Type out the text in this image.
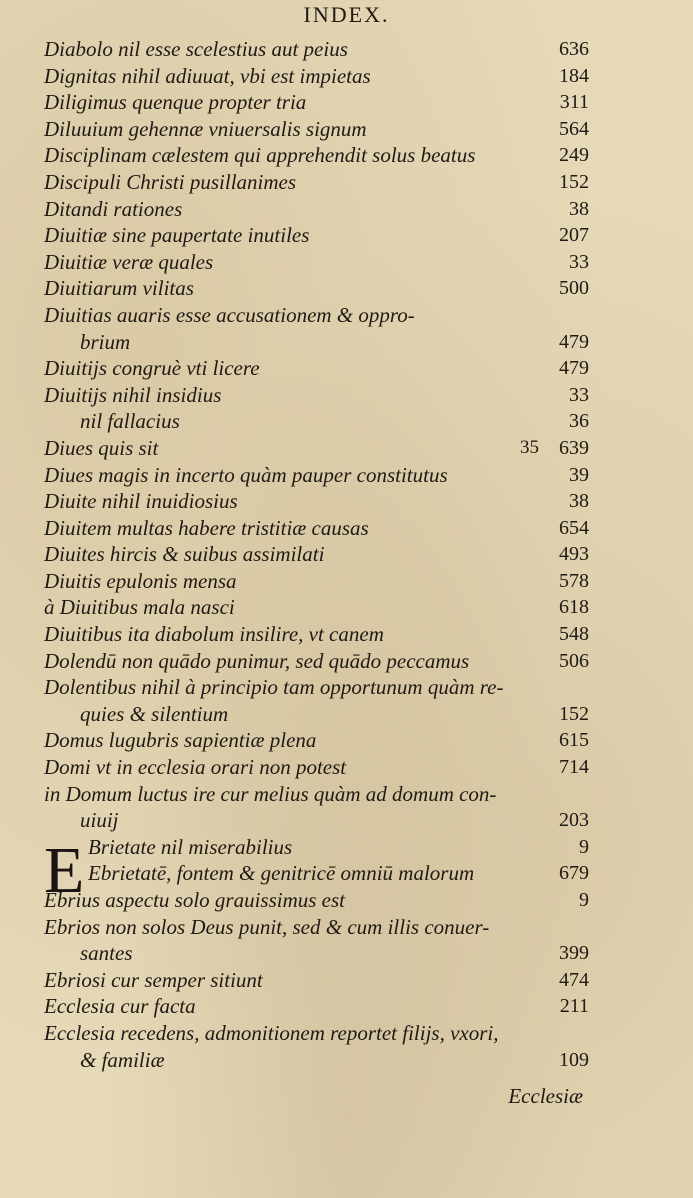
INDEX.
Diabolo nil esse scelestius aut peius	636
Dignitas nihil adiuuat, vbi est impietas	184
Diligimus quenque propter tria	311
Diluuium gehennæ vniuersalis signum	564
Disciplinam cælestem qui apprehendit solus beatus	249
Discipuli Christi pusillanimes	152
Ditandi rationes	38
Diuitiæ sine paupertate inutiles	207
Diuitiæ veræ quales	33
Diuitiarum vilitas	500
Diuitias auaris esse accusationem & oppro-
brium	479
Diuitijs congruè vti licere	479
Diuitijs nihil insidius	33
nil fallacius	36
Diues quis sit	35 639
Diues magis in incerto quàm pauper constitutus	39
Diuite nihil inuidiosius	38
Diuitem multas habere tristitiæ causas	654
Diuites hircis & suibus assimilati	493
Diuitis epulonis mensa	578
à Diuitibus mala nasci	618
Diuitibus ita diabolum insilire, vt canem	548
Dolendū non quādo punimur, sed quādo peccamus	506
Dolentibus nihil à principio tam opportunum quàm re-
quies & silentium	152
Domus lugubris sapientiæ plena	615
Domi vt in ecclesia orari non potest	714
in Domum luctus ire cur melius quàm ad domum con-
uiuij	203
Brietate nil miserabilius	9
Ebrietatē, fontem & genitricē omniū malorum	679
Ebrius aspectu solo grauissimus est	9
Ebrios non solos Deus punit, sed & cum illis conuer-
santes	399
Ebriosi cur semper sitiunt	474
Ecclesia cur facta	211
Ecclesia recedens, admonitionem reportet filijs, vxori,
& familiæ	109
E
Ecclesiæ
